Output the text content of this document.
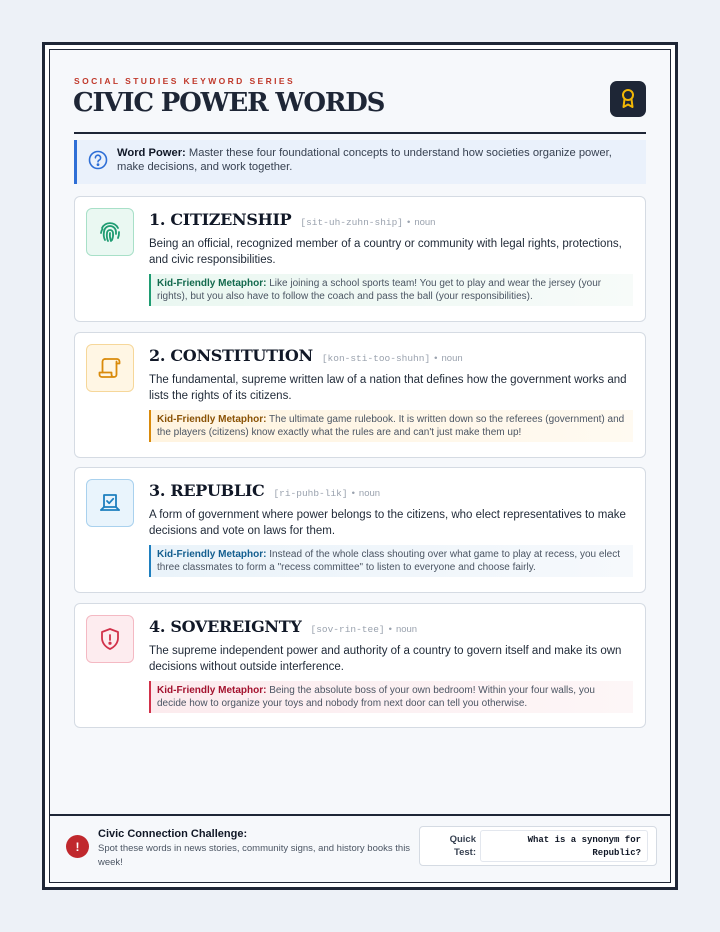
SOCIAL STUDIES KEYWORD SERIES
CIVIC POWER WORDS
Word Power: Master these four foundational concepts to understand how societies organize power, make decisions, and work together.
1. CITIZENSHIP [sit-uh-zuhn-ship] • noun
Being an official, recognized member of a country or community with legal rights, protections, and civic responsibilities.
Kid-Friendly Metaphor: Like joining a school sports team! You get to play and wear the jersey (your rights), but you also have to follow the coach and pass the ball (your responsibilities).
2. CONSTITUTION [kon-sti-too-shuhn] • noun
The fundamental, supreme written law of a nation that defines how the government works and lists the rights of its citizens.
Kid-Friendly Metaphor: The ultimate game rulebook. It is written down so the referees (government) and the players (citizens) know exactly what the rules are and can't just make them up!
3. REPUBLIC [ri-puhb-lik] • noun
A form of government where power belongs to the citizens, who elect representatives to make decisions and vote on laws for them.
Kid-Friendly Metaphor: Instead of the whole class shouting over what game to play at recess, you elect three classmates to form a "recess committee" to listen to everyone and choose fairly.
4. SOVEREIGNTY [sov-rin-tee] • noun
The supreme independent power and authority of a country to govern itself and make its own decisions without outside interference.
Kid-Friendly Metaphor: Being the absolute boss of your own bedroom! Within your four walls, you decide how to organize your toys and nobody from next door can tell you otherwise.
!
Civic Connection Challenge:
Spot these words in news stories, community signs, and history books this week!
Quick Test:
What is a synonym for Republic?
